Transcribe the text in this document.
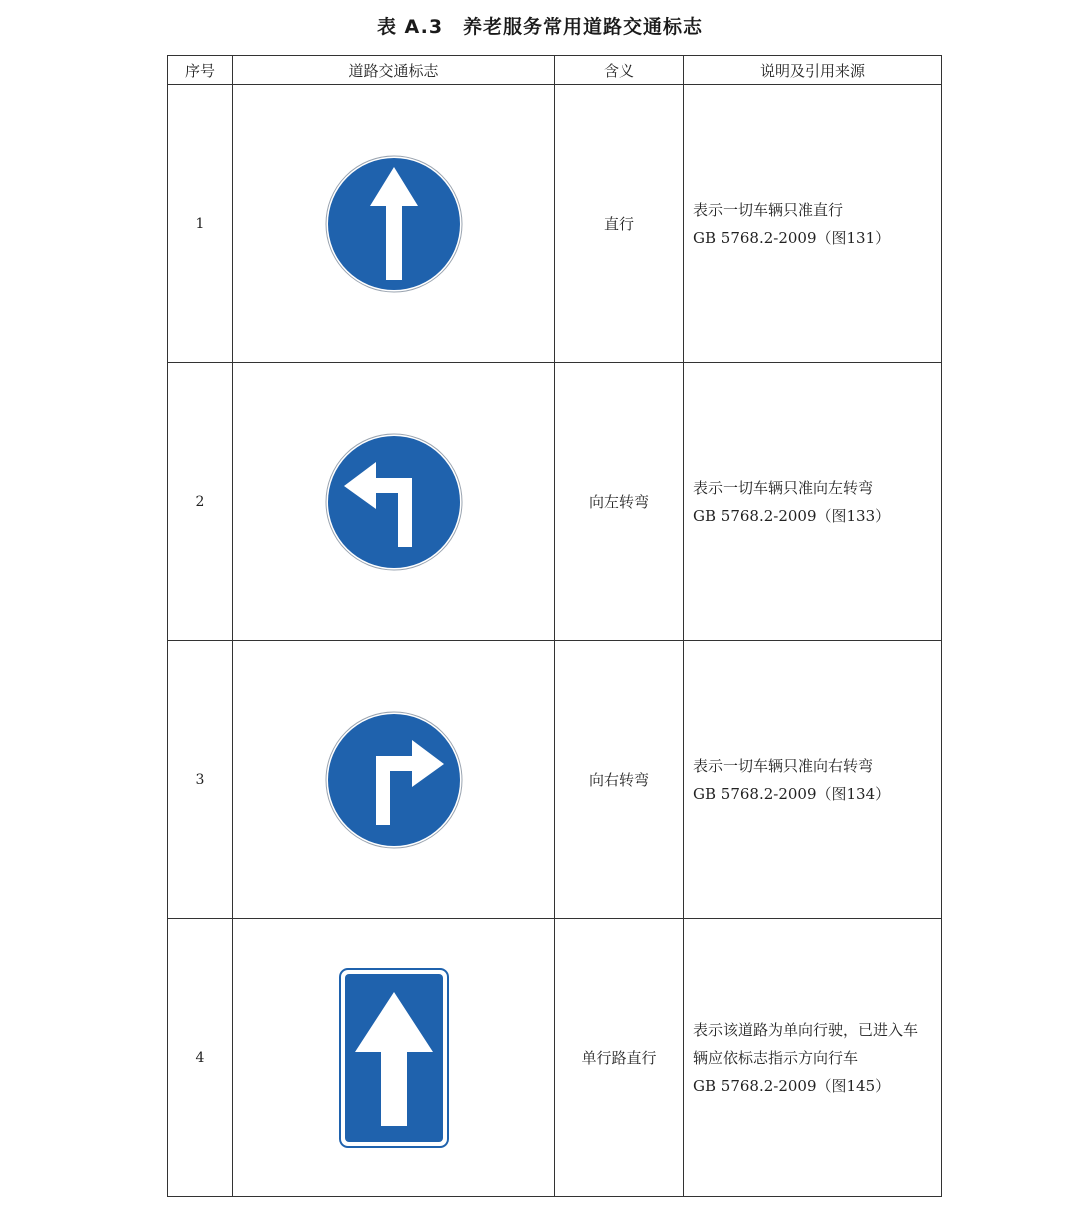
表 A.3　养老服务常用道路交通标志
序号	道路交通标志	含义	说明及引用来源
1		直行	表示一切车辆只准直行
GB 5768.2-2009（图131）

2		向左转弯	表示一切车辆只准向左转弯
GB 5768.2-2009（图133）

3		向右转弯	表示一切车辆只准向右转弯
GB 5768.2-2009（图134）

4		单行路直行	表示该道路为单向行驶，已进入车
辆应依标志指示方向行车
GB 5768.2-2009（图145）
